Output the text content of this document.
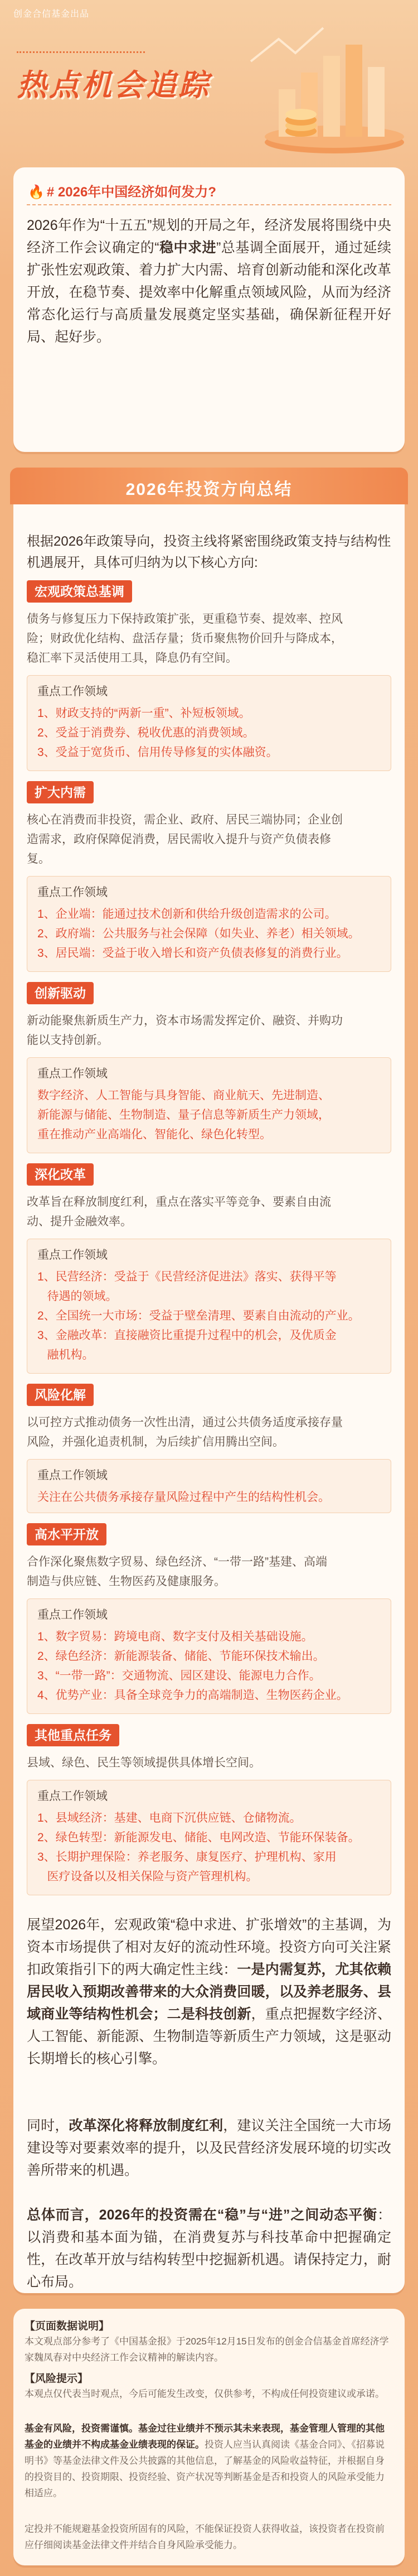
创金合信基金出品
热点机会追踪
🔥 # 2026年中国经济如何发力?
2026年作为“十五五”规划的开局之年，经济发展将围绕中央经济工作会议确定的“稳中求进”总基调全面展开，通过延续扩张性宏观政策、着力扩大内需、培育创新动能和深化改革开放，在稳节奏、提效率中化解重点领域风险，从而为经济常态化运行与高质量发展奠定坚实基础，确保新征程开好局、起好步。
2026年投资方向总结
根据2026年政策导向，投资主线将紧密围绕政策支持与结构性机遇展开，具体可归纳为以下核心方向:
宏观政策总基调
债务与修复压力下保持政策扩张，更重稳节奏、提效率、控风
险；财政优化结构、盘活存量；货币聚焦物价回升与降成本，
稳汇率下灵活使用工具，降息仍有空间。
重点工作领域
1、财政支持的“两新一重”、补短板领域。
2、受益于消费券、税收优惠的消费领域。
3、受益于宽货币、信用传导修复的实体融资。
扩大内需
核心在消费而非投资，需企业、政府、居民三端协同；企业创
造需求，政府保障促消费，居民需收入提升与资产负债表修
复。
重点工作领域
1、企业端：能通过技术创新和供给升级创造需求的公司。
2、政府端：公共服务与社会保障（如失业、养老）相关领域。
3、居民端：受益于收入增长和资产负债表修复的消费行业。
创新驱动
新动能聚焦新质生产力，资本市场需发挥定价、融资、并购功
能以支持创新。
重点工作领域
数字经济、人工智能与具身智能、商业航天、先进制造、
新能源与储能、生物制造、量子信息等新质生产力领域，
重在推动产业高端化、智能化、绿色化转型。
深化改革
改革旨在释放制度红利，重点在落实平等竞争、要素自由流
动、提升金融效率。
重点工作领域
1、民营经济：受益于《民营经济促进法》落实、获得平等
待遇的领域。
2、全国统一大市场：受益于壁垒清理、要素自由流动的产业。
3、金融改革：直接融资比重提升过程中的机会，及优质金
融机构。
风险化解
以可控方式推动债务一次性出清，通过公共债务适度承接存量
风险，并强化追责机制，为后续扩信用腾出空间。
重点工作领域
关注在公共债务承接存量风险过程中产生的结构性机会。
高水平开放
合作深化聚焦数字贸易、绿色经济、“一带一路”基建、高端
制造与供应链、生物医药及健康服务。
重点工作领域
1、数字贸易：跨境电商、数字支付及相关基础设施。
2、绿色经济：新能源装备、储能、节能环保技术输出。
3、“一带一路”：交通物流、园区建设、能源电力合作。
4、优势产业：具备全球竞争力的高端制造、生物医药企业。
其他重点任务
县域、绿色、民生等领域提供具体增长空间。
重点工作领域
1、县域经济：基建、电商下沉供应链、仓储物流。
2、绿色转型：新能源发电、储能、电网改造、节能环保装备。
3、长期护理保险：养老服务、康复医疗、护理机构、家用
医疗设备以及相关保险与资产管理机构。
展望2026年，宏观政策“稳中求进、扩张增效”的主基调，为资本市场提供了相对友好的流动性环境。投资方向可关注紧扣政策指引下的两大确定性主线：一是内需复苏，尤其依赖居民收入预期改善带来的大众消费回暖，以及养老服务、县域商业等结构性机会；二是科技创新，重点把握数字经济、人工智能、新能源、生物制造等新质生产力领域，这是驱动长期增长的核心引擎。
同时，改革深化将释放制度红利，建议关注全国统一大市场建设等对要素效率的提升，以及民营经济发展环境的切实改善所带来的机遇。
总体而言，2026年的投资需在“稳”与“进”之间动态平衡：以消费和基本面为锚，在消费复苏与科技革命中把握确定性，在改革开放与结构转型中挖掘新机遇。请保持定力，耐心布局。
【页面数据说明】
本文观点部分参考了《中国基金报》于2025年12月15日发布的创金合信基金首席经济学家魏凤春对中央经济工作会议精神的解读内容。
【风险提示】
本观点仅代表当时观点，今后可能发生改变，仅供参考，不构成任何投资建议或承诺。
基金有风险，投资需谨慎。基金过往业绩并不预示其未来表现，基金管理人管理的其他基金的业绩并不构成基金业绩表现的保证。投资人应当认真阅读《基金合同》、《招募说明书》等基金法律文件及公共披露的其他信息，了解基金的风险收益特征，并根据自身的投资目的、投资期限、投资经验、资产状况等判断基金是否和投资人的风险承受能力相适应。
定投并不能规避基金投资所固有的风险，不能保证投资人获得收益，该投资者在投资前应仔细阅读基金法律文件并结合自身风险承受能力。
